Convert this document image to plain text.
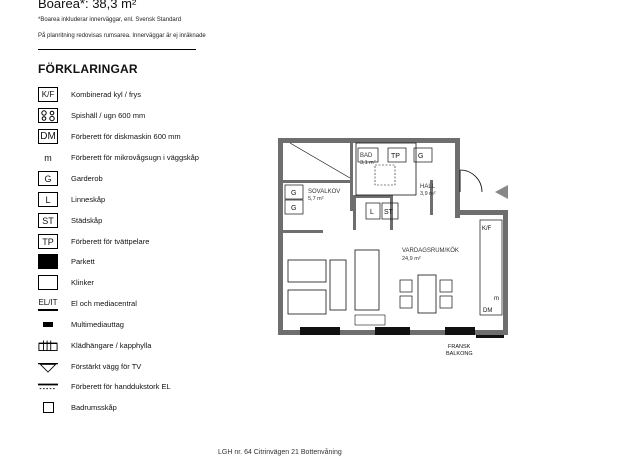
Boarea*: 38,3 m²
*Boarea inkluderar innerväggar, enl. Svensk Standard
På planritning redovisas rumsarea. Innerväggar är ej inräknade
FÖRKLARINGAR
K/F	Kombinerad kyl / frys
Spishäll / ugn 600 mm
DM Förberett för diskmaskin 600 mm
m	Förberett för mikrovågsugn i väggskåp
G	Garderob
L	Linneskåp
ST	Städskåp
TP	Förberett för tvättpelare
Parkett
Klinker
EL/IT El och mediacentral
Multimediauttag
Klädhängare / kapphylla
Förstärkt vägg för TV
Förberett för handdukstork EL
Badrumsskåp
BAD
3,1 m²
TP	G
SOVALKOV
5,7 m²
G
G
HALL
3,9 m²
L ST
VARDAGSRUM/KÖK
24,9 m²
K/F
DM
m
FRANSK
BALKONG
LGH nr. 64 Citrinvägen 21 Bottenvåning
